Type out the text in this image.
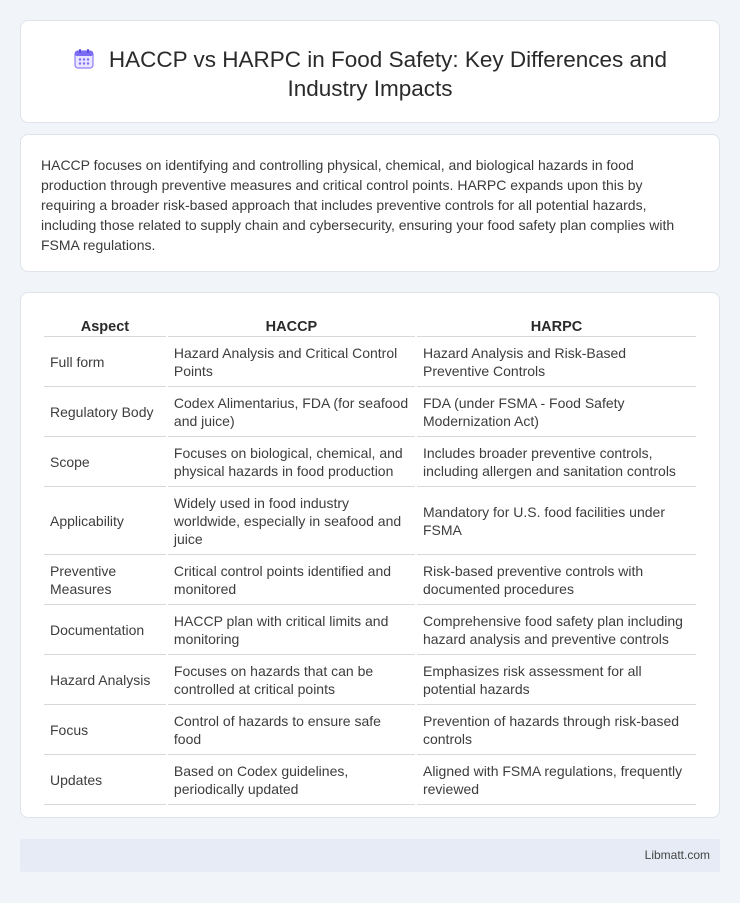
HACCP vs HARPC in Food Safety: Key Differences and Industry Impacts

HACCP focuses on identifying and controlling physical, chemical, and biological hazards in food production through preventive measures and critical control points. HARPC expands upon this by requiring a broader risk-based approach that includes preventive controls for all potential hazards, including those related to supply chain and cybersecurity, ensuring your food safety plan complies with FSMA regulations.

Aspect	HACCP	HARPC
Full form	Hazard Analysis and Critical Control Points	Hazard Analysis and Risk-Based Preventive Controls
Regulatory Body	Codex Alimentarius, FDA (for seafood and juice)	FDA (under FSMA - Food Safety Modernization Act)
Scope	Focuses on biological, chemical, and physical hazards in food production	Includes broader preventive controls, including allergen and sanitation controls
Applicability	Widely used in food industry worldwide, especially in seafood and juice	Mandatory for U.S. food facilities under FSMA
Preventive Measures	Critical control points identified and monitored	Risk-based preventive controls with documented procedures
Documentation	HACCP plan with critical limits and monitoring	Comprehensive food safety plan including hazard analysis and preventive controls
Hazard Analysis	Focuses on hazards that can be controlled at critical points	Emphasizes risk assessment for all potential hazards
Focus	Control of hazards to ensure safe food	Prevention of hazards through risk-based controls
Updates	Based on Codex guidelines, periodically updated	Aligned with FSMA regulations, frequently reviewed
Libmatt.com
